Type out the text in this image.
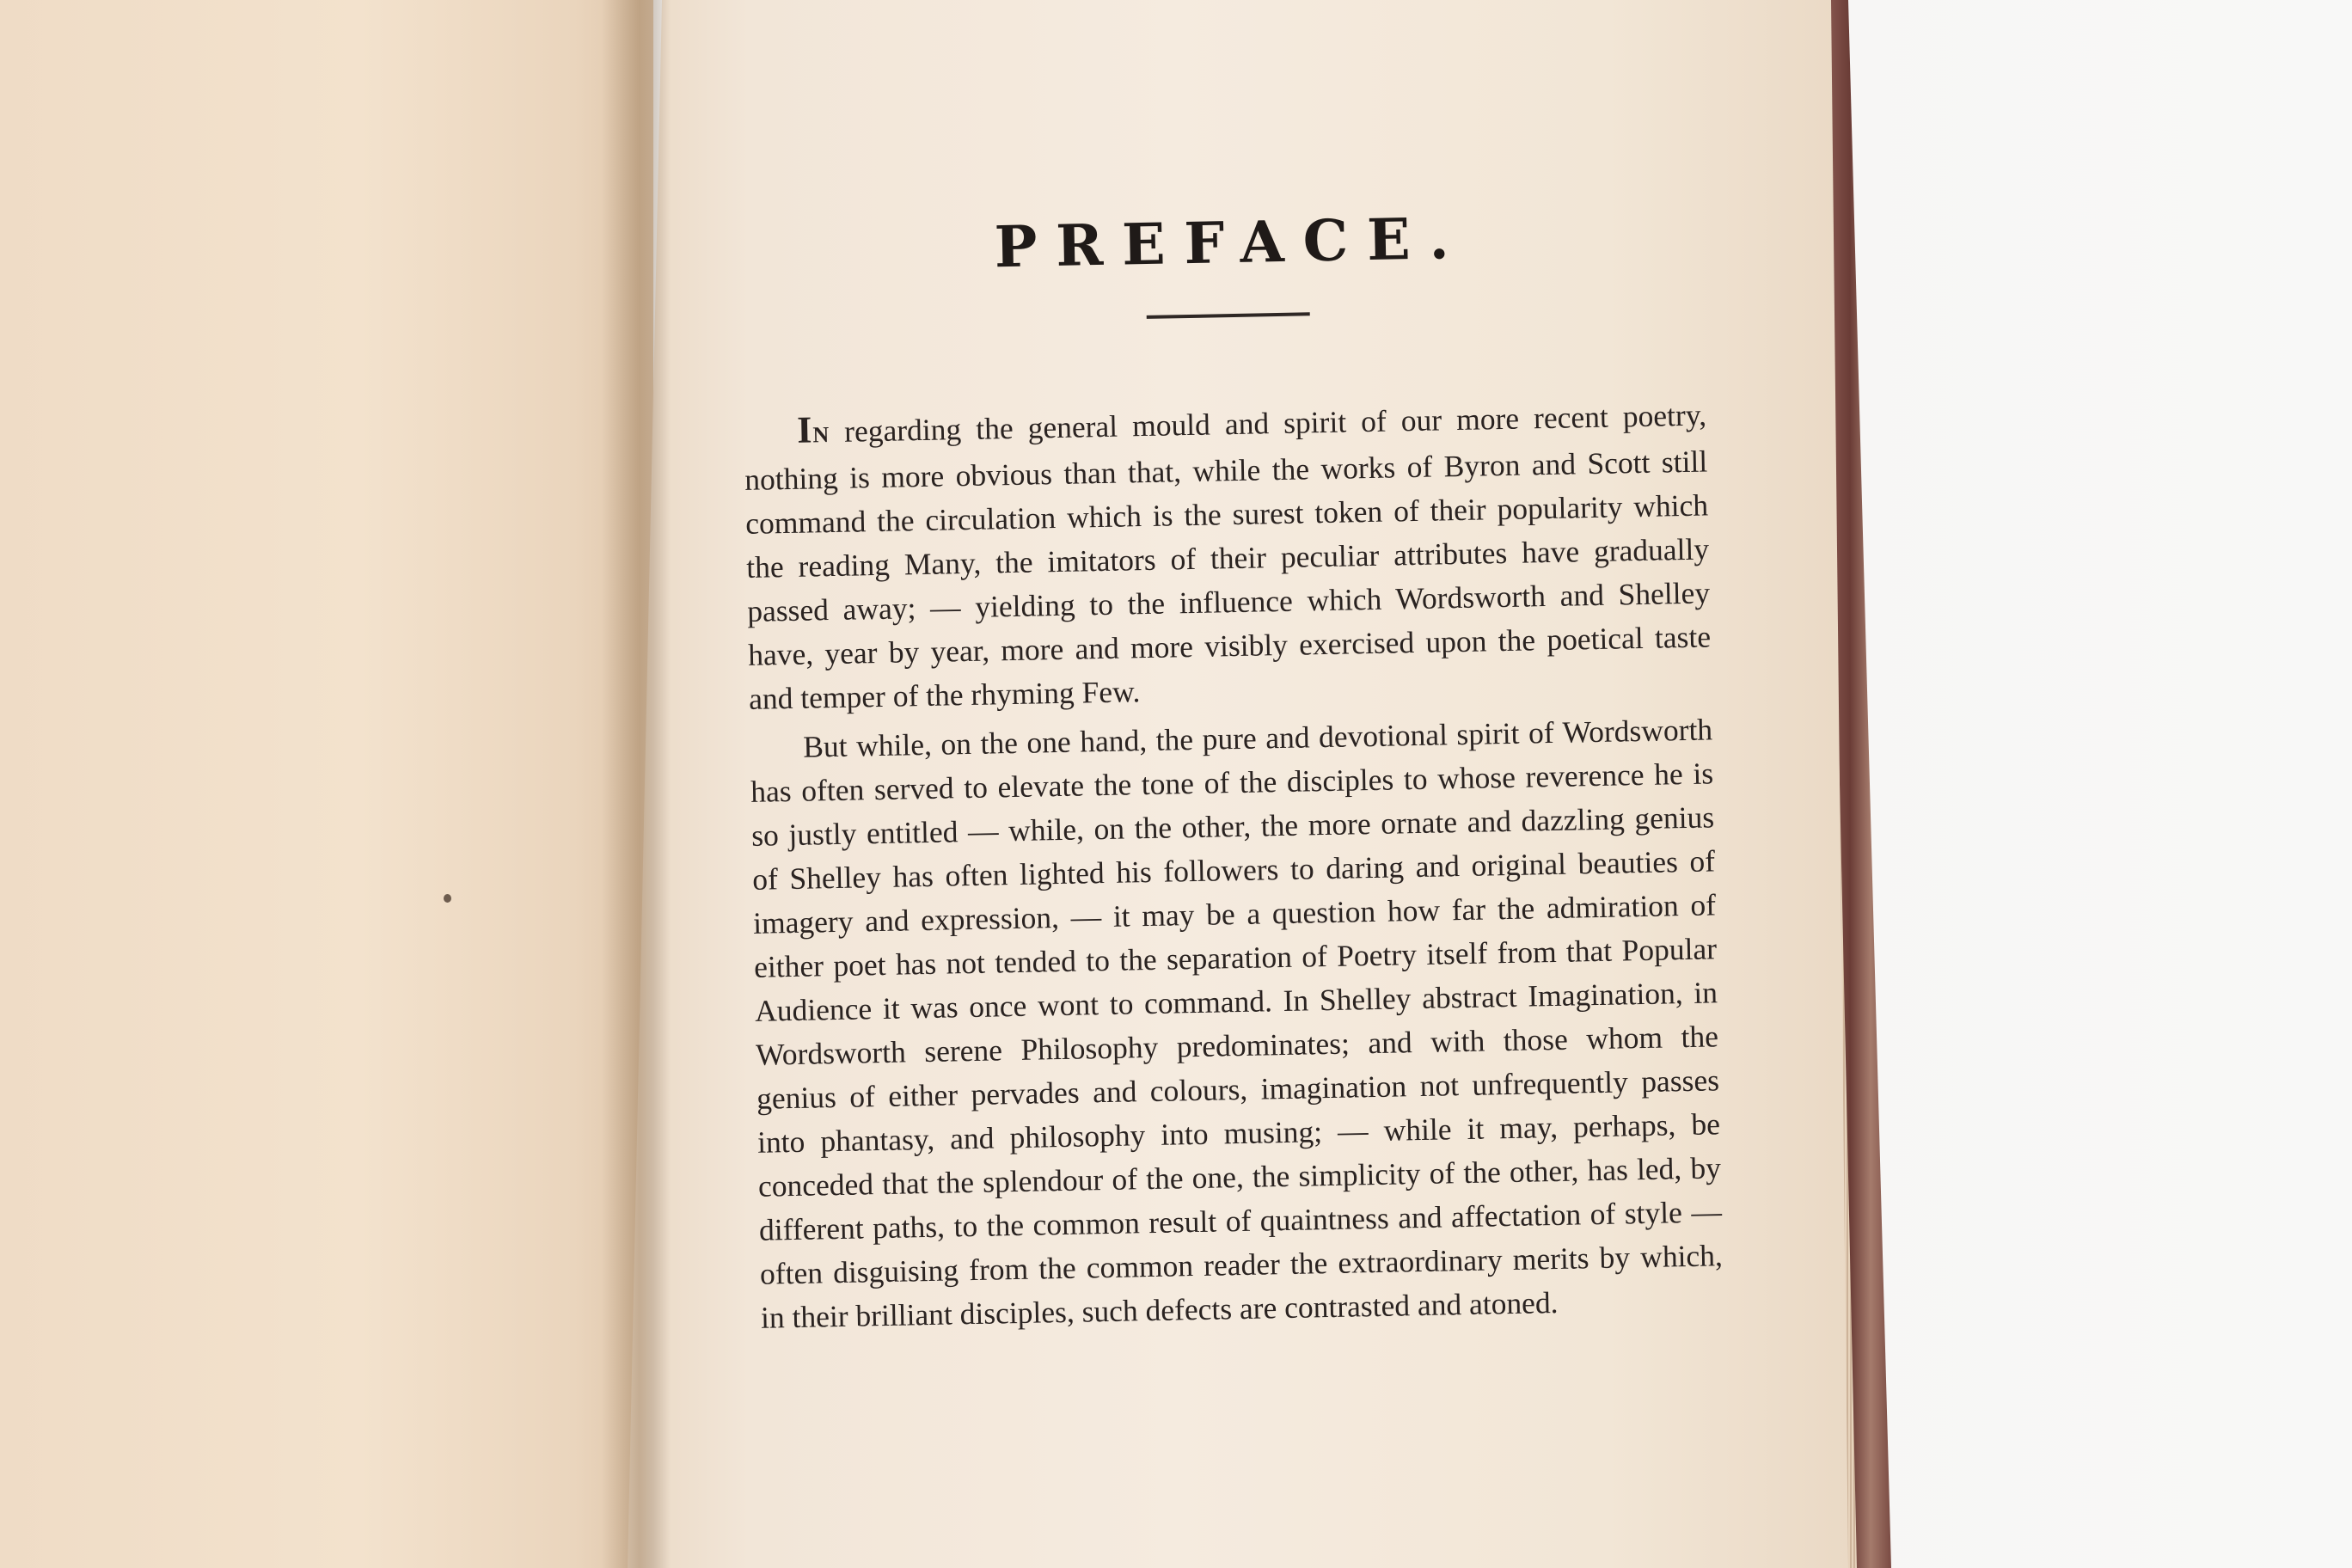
PREFACE.

IN regarding the general mould and spirit of our more recent poetry, nothing is more obvious than that, while the works of Byron and Scott still command the circulation which is the surest token of their popularity which the reading Many, the imitators of their peculiar attributes have gradually passed away; — yielding to the influence which Wordsworth and Shelley have, year by year, more and more visibly exercised upon the poetical taste and temper of the rhyming Few.

But while, on the one hand, the pure and devotional spirit of Wordsworth has often served to elevate the tone of the disciples to whose reverence he is so justly entitled — while, on the other, the more ornate and dazzling genius of Shelley has often lighted his followers to daring and original beauties of imagery and expression, — it may be a question how far the admiration of either poet has not tended to the separation of Poetry itself from that Popular Audience it was once wont to command. In Shelley abstract Imagination, in Wordsworth serene Philosophy predominates; and with those whom the genius of either pervades and colours, imagination not unfrequently passes into phantasy, and philosophy into musing; — while it may, perhaps, be conceded that the splendour of the one, the simplicity of the other, has led, by different paths, to the common result of quaintness and affectation of style — often disguising from the common reader the extraordinary merits by which, in their brilliant disciples, such defects are contrasted and atoned.
